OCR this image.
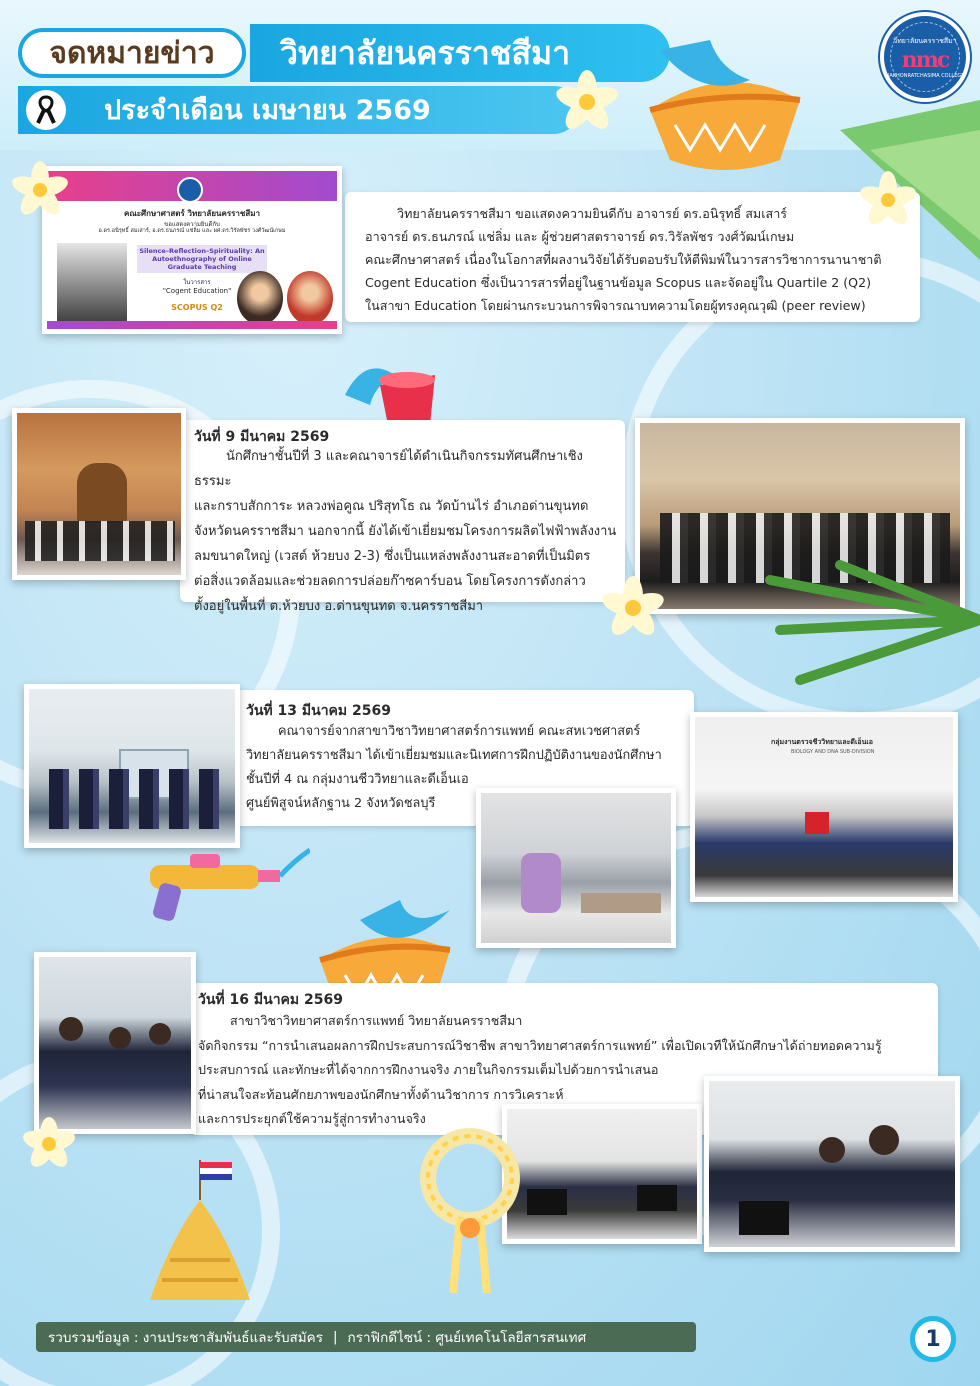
จดหมายข่าว	วิทยาลัยนครราชสีมา
ประจำเดือน เมษายน 2569
วิทยาลัยนครราชสีมา
nmc
NAKHONRATCHASIMA COLLEGE
วิทยาลัยนครราชสีมา ขอแสดงความยินดีกับ อาจารย์ ดร.อนิรุทธิ์ สมเสาร์
อาจารย์ ดร.ธนภรณ์ แช่ลิ่ม และ ผู้ช่วยศาสตราจารย์ ดร.วิรัลพัชร วงศ์วัฒน์เกษม
คณะศึกษาศาสตร์ เนื่องในโอกาสที่ผลงานวิจัยได้รับตอบรับให้ตีพิมพ์ในวารสารวิชาการนานาชาติ
Cogent Education ซึ่งเป็นวารสารที่อยู่ในฐานข้อมูล Scopus และจัดอยู่ใน Quartile 2 (Q2)
ในสาขา Education โดยผ่านกระบวนการพิจารณาบทความโดยผู้ทรงคุณวุฒิ (peer review)
คณะศึกษาศาสตร์ วิทยาลัยนครราชสีมา
ขอแสดงความยินดีกับ
อ.ดร.อนิรุทธิ์ สมเสาร์, อ.ดร.ธนภรณ์ แช่ลิ่ม และ ผศ.ดร.วิรัลพัชร วงศ์วัฒน์เกษม
Silence–Reflection–Spirituality: An Autoethnography of Online Graduate Teaching
ในวารสาร
"Cogent Education"
SCOPUS Q2
วันที่ 9 มีนาคม 2569
นักศึกษาชั้นปีที่ 3 และคณาจารย์ได้ดำเนินกิจกรรมทัศนศึกษาเชิงธรรมะ
และกราบสักการะ หลวงพ่อคูณ ปริสุทโธ ณ วัดบ้านไร่ อำเภอด่านขุนทด
จังหวัดนครราชสีมา นอกจากนี้ ยังได้เข้าเยี่ยมชมโครงการผลิตไฟฟ้าพลังงาน
ลมขนาดใหญ่ (เวสต์ ห้วยบง 2-3) ซึ่งเป็นแหล่งพลังงานสะอาดที่เป็นมิตร
ต่อสิ่งแวดล้อมและช่วยลดการปล่อยก๊าซคาร์บอน โดยโครงการดังกล่าว
ตั้งอยู่ในพื้นที่ ต.ห้วยบง อ.ด่านขุนทด จ.นครราชสีมา
วันที่ 13 มีนาคม 2569
คณาจารย์จากสาขาวิชาวิทยาศาสตร์การแพทย์ คณะสหเวชศาสตร์
วิทยาลัยนครราชสีมา ได้เข้าเยี่ยมชมและนิเทศการฝึกปฏิบัติงานของนักศึกษา
ชั้นปีที่ 4 ณ กลุ่มงานชีววิทยาและดีเอ็นเอ
ศูนย์พิสูจน์หลักฐาน 2 จังหวัดชลบุรี
กลุ่มงานตรวจชีววิทยาและดีเอ็นเอ
BIOLOGY AND DNA SUB-DIVISION
วันที่ 16 มีนาคม 2569
สาขาวิชาวิทยาศาสตร์การแพทย์ วิทยาลัยนครราชสีมา
จัดกิจกรรม “การนำเสนอผลการฝึกประสบการณ์วิชาชีพ สาขาวิทยาศาสตร์การแพทย์” เพื่อเปิดเวทีให้นักศึกษาได้ถ่ายทอดความรู้
ประสบการณ์ และทักษะที่ได้จากการฝึกงานจริง ภายในกิจกรรมเต็มไปด้วยการนำเสนอ
ที่น่าสนใจสะท้อนศักยภาพของนักศึกษาทั้งด้านวิชาการ การวิเคราะห์
และการประยุกต์ใช้ความรู้สู่การทำงานจริง
รวบรวมข้อมูล : งานประชาสัมพันธ์และรับสมัคร | กราฟิกดีไซน์ : ศูนย์เทคโนโลยีสารสนเทศ	1
